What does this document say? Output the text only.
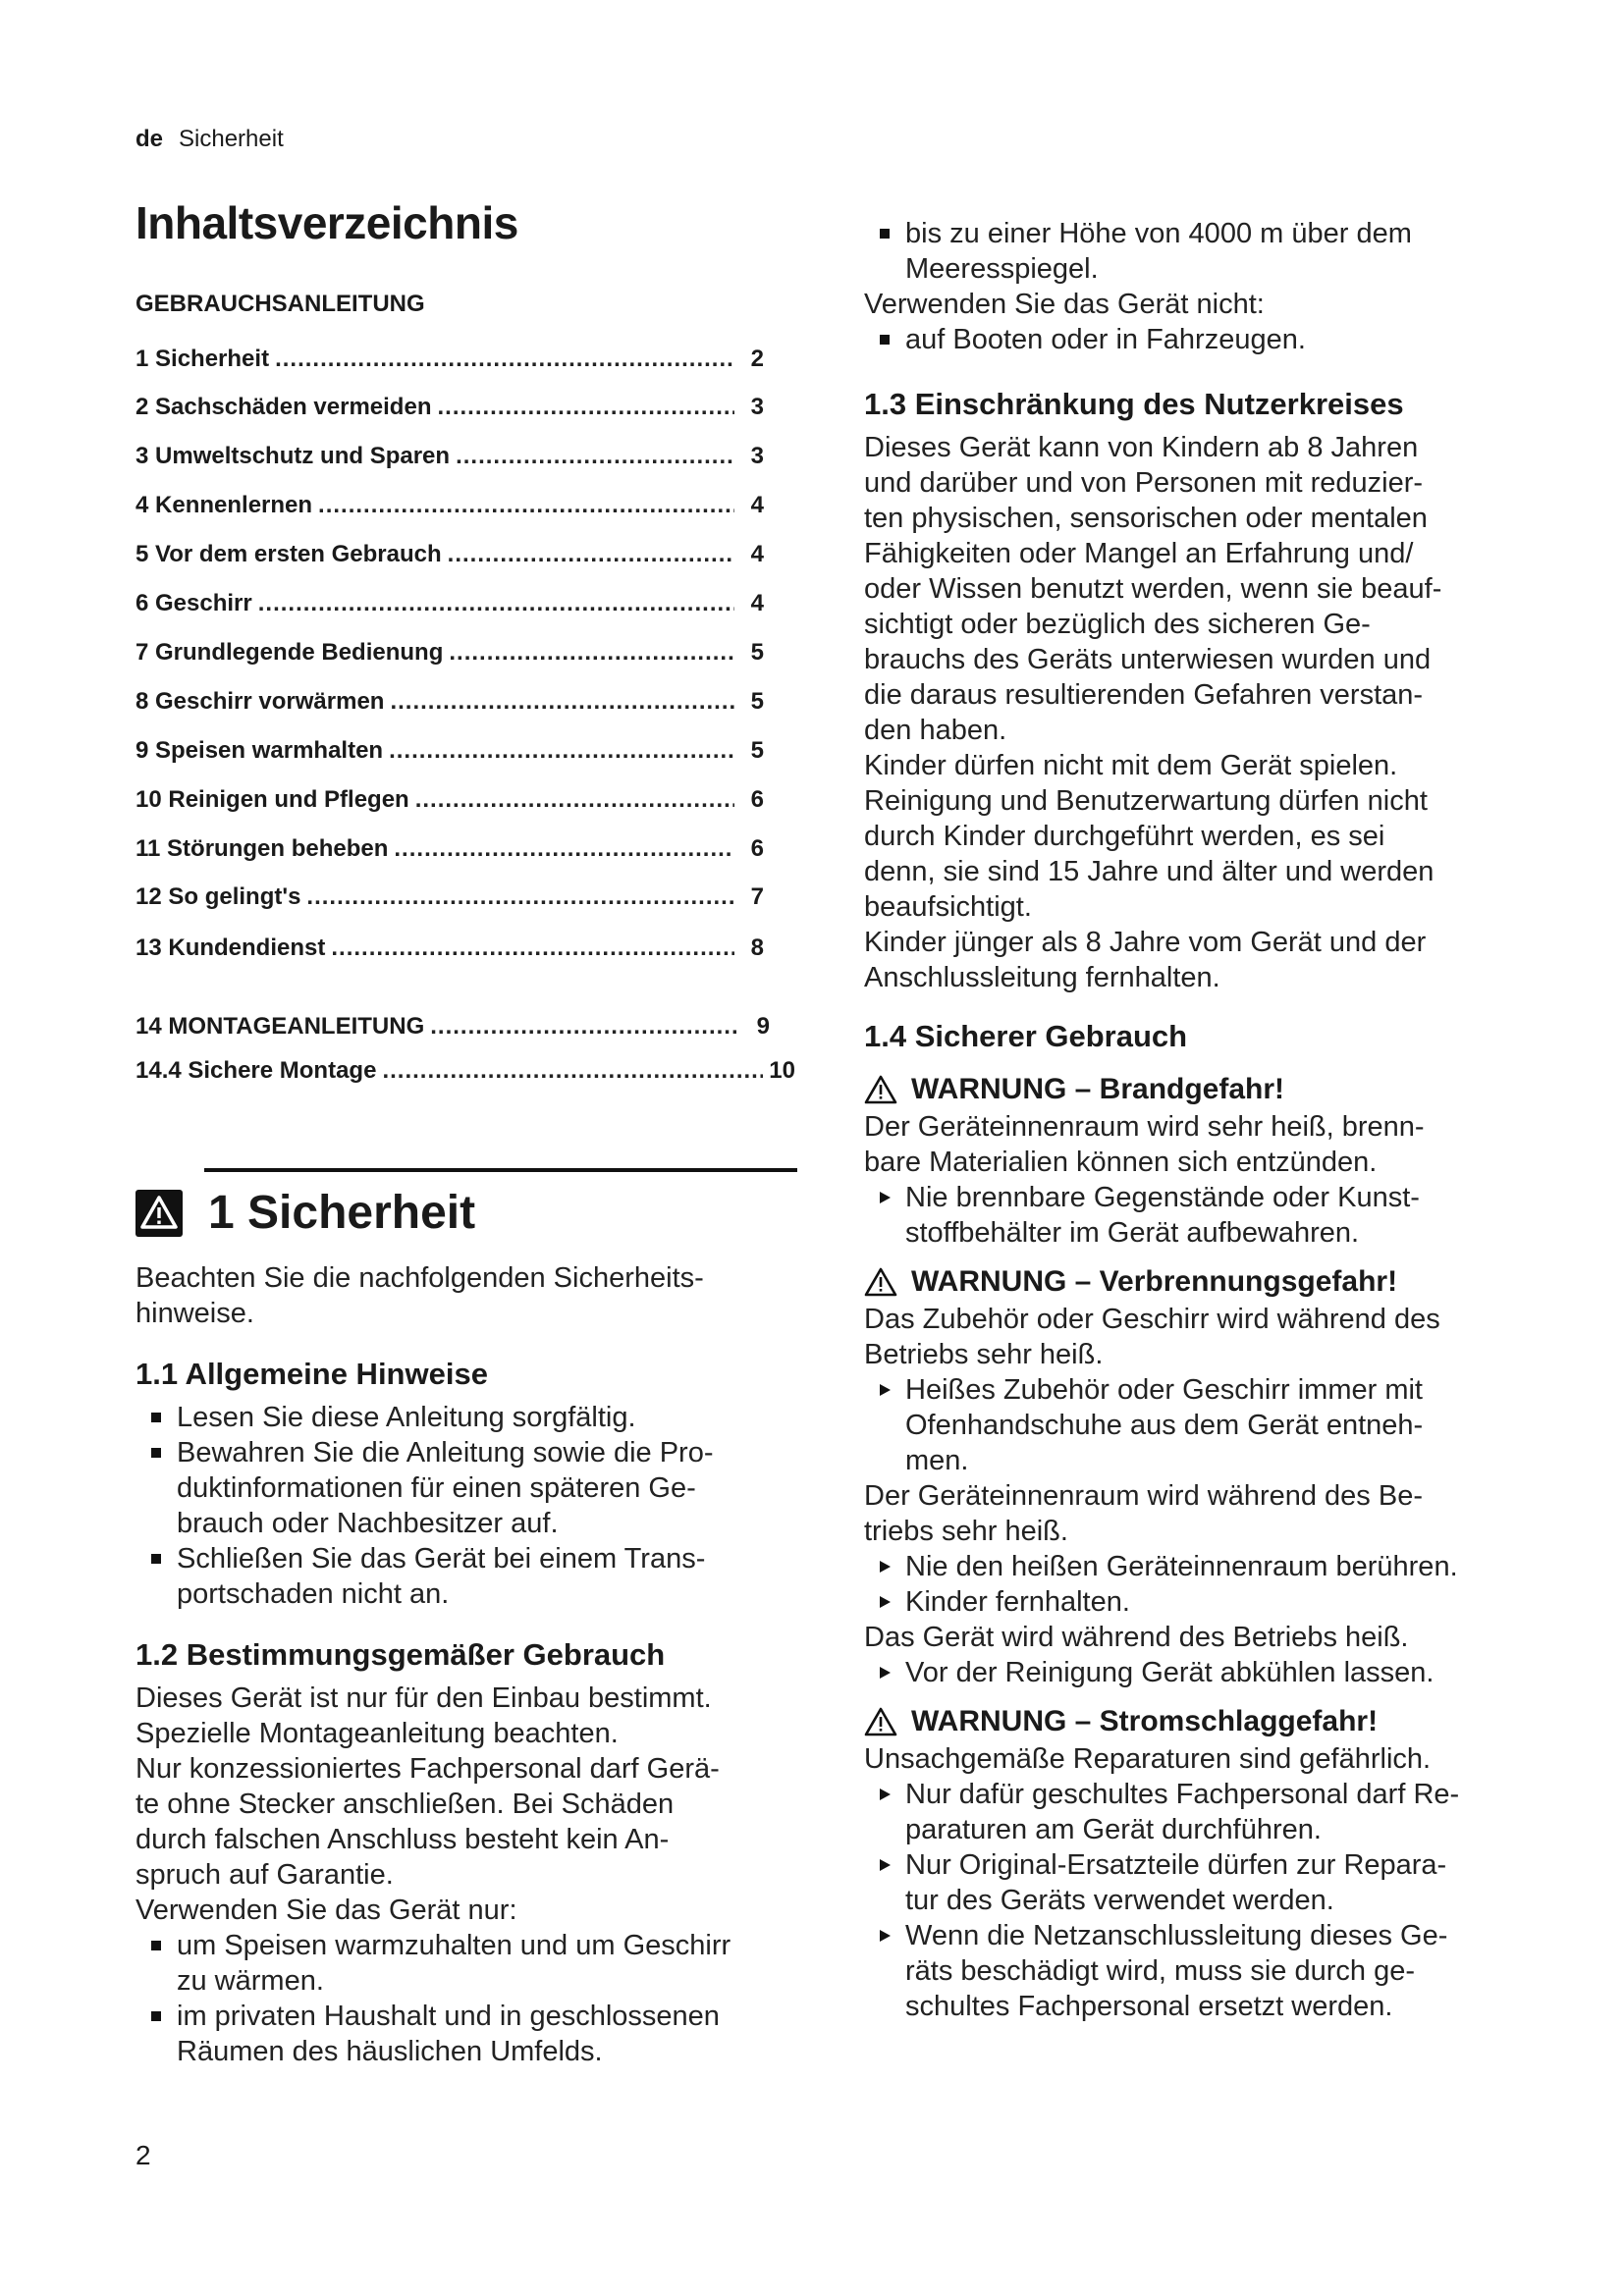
de Sicherheit
Inhaltsverzeichnis
GEBRAUCHSANLEITUNG
1 Sicherheit .....	2
2 Sachschäden vermeiden .....	3
3 Umweltschutz und Sparen .....	3
4 Kennenlernen .....	4
5 Vor dem ersten Gebrauch .....	4
6 Geschirr .....	4
7 Grundlegende Bedienung .....	5
8 Geschirr vorwärmen .....	5
9 Speisen warmhalten .....	5
10 Reinigen und Pflegen .....	6
11 Störungen beheben .....	6
12 So gelingt's .....	7
13 Kundendienst .....	8
14 MONTAGEANLEITUNG .....	9
14.4 Sichere Montage .....	10
1 Sicherheit

Beachten Sie die nachfolgenden Sicherheits-

hinweise.

1.1 Allgemeine Hinweise

Lesen Sie diese Anleitung sorgfältig.
Bewahren Sie die Anleitung sowie die Pro-
duktinformationen für einen späteren Ge-
brauch oder Nachbesitzer auf.
Schließen Sie das Gerät bei einem Trans-
portschaden nicht an.

1.2 Bestimmungsgemäßer Gebrauch

Dieses Gerät ist nur für den Einbau bestimmt.

Spezielle Montageanleitung beachten.

Nur konzessioniertes Fachpersonal darf Gerä-

te ohne Stecker anschließen. Bei Schäden

durch falschen Anschluss besteht kein An-

spruch auf Garantie.

Verwenden Sie das Gerät nur:

um Speisen warmzuhalten und um Geschirr
zu wärmen.
im privaten Haushalt und in geschlossenen
Räumen des häuslichen Umfelds.
2
bis zu einer Höhe von 4000 m über dem
Meeresspiegel.

Verwenden Sie das Gerät nicht:

auf Booten oder in Fahrzeugen.

1.3 Einschränkung des Nutzerkreises

Dieses Gerät kann von Kindern ab 8 Jahren

und darüber und von Personen mit reduzier-

ten physischen, sensorischen oder mentalen

Fähigkeiten oder Mangel an Erfahrung und/

oder Wissen benutzt werden, wenn sie beauf-

sichtigt oder bezüglich des sicheren Ge-

brauchs des Geräts unterwiesen wurden und

die daraus resultierenden Gefahren verstan-

den haben.

Kinder dürfen nicht mit dem Gerät spielen.

Reinigung und Benutzerwartung dürfen nicht

durch Kinder durchgeführt werden, es sei

denn, sie sind 15 Jahre und älter und werden

beaufsichtigt.

Kinder jünger als 8 Jahre vom Gerät und der

Anschlussleitung fernhalten.

1.4 Sicherer Gebrauch

WARNUNG – Brandgefahr!

Der Geräteinnenraum wird sehr heiß, brenn-

bare Materialien können sich entzünden.

Nie brennbare Gegenstände oder Kunst-
stoffbehälter im Gerät aufbewahren.

WARNUNG – Verbrennungsgefahr!

Das Zubehör oder Geschirr wird während des

Betriebs sehr heiß.

Heißes Zubehör oder Geschirr immer mit
Ofenhandschuhe aus dem Gerät entneh-
men.

Der Geräteinnenraum wird während des Be-

triebs sehr heiß.

Nie den heißen Geräteinnenraum berühren.
Kinder fernhalten.

Das Gerät wird während des Betriebs heiß.

Vor der Reinigung Gerät abkühlen lassen.

WARNUNG – Stromschlaggefahr!

Unsachgemäße Reparaturen sind gefährlich.

Nur dafür geschultes Fachpersonal darf Re-
paraturen am Gerät durchführen.
Nur Original-Ersatzteile dürfen zur Repara-
tur des Geräts verwendet werden.
Wenn die Netzanschlussleitung dieses Ge-
räts beschädigt wird, muss sie durch ge-
schultes Fachpersonal ersetzt werden.
